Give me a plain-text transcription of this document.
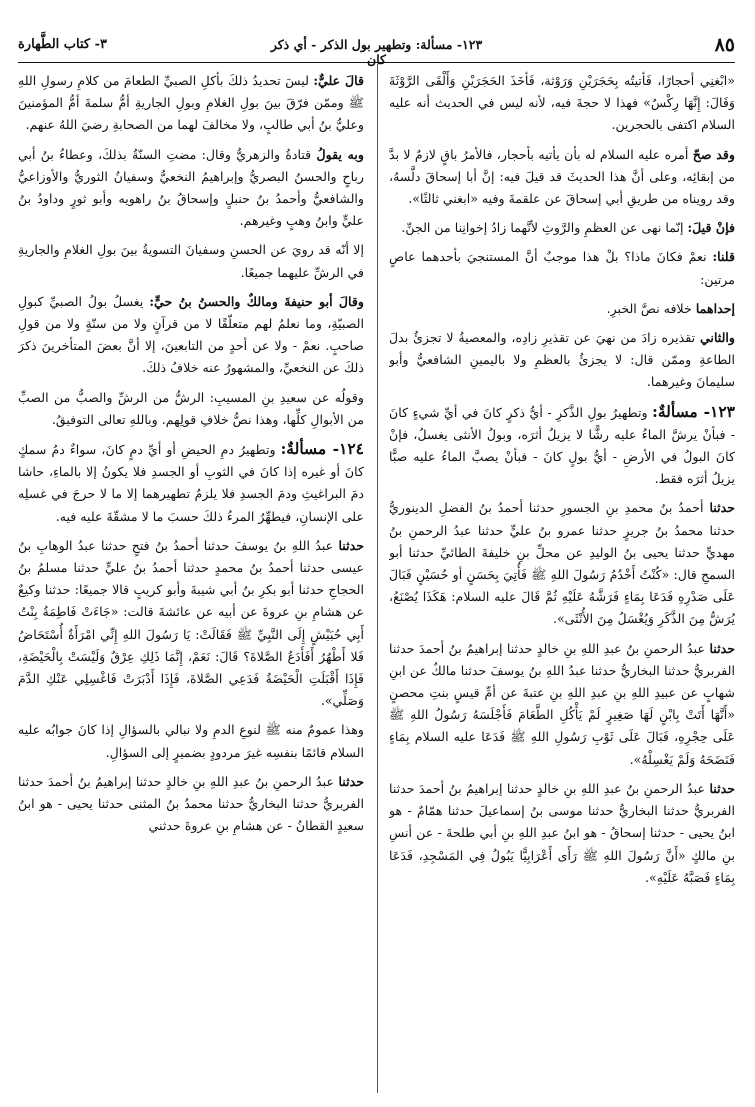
٨٥
١٢٣- مسألة: وتطهير بول الذكر - أي ذكر كان
٣- كتاب الطَّهارة

«ابْغنِي أحجارًا، فَأتيتُه بِحَجَرَيْنِ وَرَوْثة، فَأخَذَ الحَجَرَيْنِ وَأَلْقَى الرَّوْثَةَ وَقَالَ: إِنَّهَا رِكْسٌ» فهذا لا حجةَ فيه، لأنه ليس في الحديث أنه عليه السلام اكتفى بالحجرين.

وقد صحّ أمره عليه السلام له بأن يأتيه بأحجار، فالأمرُ باقٍ لازمٌ لا بدَّ من إبقائِه، وعلى أنَّ هذا الحديثَ قد قيلَ فيه: إنَّ أبا إسحاقَ دلَّسهُ، وقد رويناه من طريقِ أبي إسحاقَ عن علقمةَ وفيه «ابغني ثالثًا».

فإنْ قيلَ: إنّما نهى عن العظمِ والرَّوثِ لأنَّهما زادُ إخوانِنا من الجنِّ.

قلنا: نعمْ فكانَ ماذا؟ بلْ هذا موجبٌ أنَّ المستنجيَ بأحدهما عاصٍ مرتين:

إحداهما خلافه نصَّ الخبرِ.

والثاني تقذيره زادَ من نهيَ عن تقذيرِ زادِه، والمعصيةُ لا تجزئُ بدلَ الطاعةِ وممّن قال: لا يجزئُ بالعظمِ ولا باليمينِ الشافعيُّ وأبو سليمانَ وغيرهما.

١٢٣- مسألةٌ: وتطهيرُ بولِ الذَّكرِ - أيُّ ذكرٍ كانَ في أيِّ شيءٍ كانَ - فبأنْ يرشَّ الماءُ عليه رشًّا لا يزيلُ أثرَه، وبولُ الأنثى يغسلُ، فإنْ كانَ البولُ في الأرضِ - أيُّ بولٍ كانَ - فبأنْ يصبَّ الماءُ عليه صبًّا يزيلُ أثرَه فقط.

حدثنا أحمدُ بنُ محمدِ بنِ الجسورِ حدثنا أحمدُ بنُ الفضلِ الدينوريُّ حدثنا محمدُ بنُ جريرٍ حدثنا عمرو بنُ عليٍّ حدثنا عبدُ الرحمنِ بنُ مهديٍّ حدثنا يحيى بنُ الوليدِ عن محلِّ بنِ خليفةَ الطائيِّ حدثنا أبو السمحِ قال: «كُنْتُ أَخْدُمُ رَسُولَ اللهِ ﷺ فَأُتِيَ بِحَسَنٍ أو حُسَيْنٍ فَبَالَ عَلَى صَدْرِهِ فَدَعَا بِمَاءٍ فَرَشَّهُ عَلَيْهِ ثُمَّ قَالَ عليه السلام: هَكَذَا يُصْنَعُ، يُرَشُّ مِنَ الذَّكَرِ وَيُغْسَلُ مِنَ الأُنْثَى».

حدثنا عبدُ الرحمنِ بنُ عبدِ اللهِ بنِ خالدٍ حدثنا إبراهيمُ بنُ أحمدَ حدثنا الفربريُّ حدثنا البخاريُّ حدثنا عبدُ اللهِ بنُ يوسفَ حدثنا مالكٌ عن ابنِ شهابٍ عن عبيدِ اللهِ بنِ عبدِ اللهِ بنِ عتبةَ عن أمِّ قيسٍ بنتِ محصنٍ «أَنَّهَا أَتَتْ بِابْنٍ لَهَا صَغِيرٍ لَمْ يَأْكُلِ الطَّعَامَ فَأَجْلَسَهُ رَسُولُ اللهِ ﷺ عَلَى حِجْرِهِ، فَبَالَ عَلَى ثَوْبِ رَسُولِ اللهِ ﷺ فَدَعَا عليه السلام بِمَاءٍ فَنَضَحَهُ وَلَمْ يَغْسِلْهُ».

حدثنا عبدُ الرحمنِ بنُ عبدِ اللهِ بنِ خالدٍ حدثنا إبراهيمُ بنُ أحمدَ حدثنا الفربريُّ حدثنا البخاريُّ حدثنا موسى بنُ إسماعيلَ حدثنا همّامٌ - هو ابنُ يحيى - حدثنا إسحاقُ - هو ابنُ عبدِ اللهِ بنِ أبي طلحةَ - عن أنسِ بنِ مالكٍ «أَنَّ رَسُولَ اللهِ ﷺ رَأَى أَعْرَابِيًّا يَبُولُ فِي المَسْجِدِ، فَدَعَا بِمَاءٍ فَصَبَّهُ عَلَيْهِ».

قالَ عليٌّ: ليسَ تحديدُ ذلكَ بأكلِ الصبيِّ الطعامَ من كلامِ رسولِ اللهِ ﷺ وممّن فرّقَ بينَ بولِ الغلامِ وبولِ الجاريةِ أمُّ سلمةَ أمُّ المؤمنينَ وعليُّ بنُ أبي طالبٍ، ولا مخالفَ لهما من الصحابةِ رضيَ اللهُ عنهم.

وبه يقولُ قتادةُ والزهريُّ وقال: مضتِ السنّةُ بذلكَ، وعطاءُ بنُ أبي رباحٍ والحسنُ البصريُّ وإبراهيمُ النخعيُّ وسفيانُ الثوريُّ والأوزاعيُّ والشافعيُّ وأحمدُ بنُ حنبلٍ وإسحاقُ بنُ راهويه وأبو ثورٍ وداودُ بنُ عليٍّ وابنُ وهبٍ وغيرهم.

إلا أنّه قد رويَ عن الحسنِ وسفيانَ التسويةُ بينَ بولِ الغلامِ والجاريةِ في الرشِّ عليهما جميعًا.

وقالَ أبو حنيفةَ ومالكٌ والحسنُ بنُ حيٍّ: يغسلُ بولُ الصبيِّ كبولِ الصبيّةِ، وما نعلمُ لهم متعلّقًا لا من قرآنٍ ولا من سنّةٍ ولا من قولِ صاحبٍ. نعمْ - ولا عن أحدٍ من التابعينَ، إلا أنَّ بعضَ المتأخرينَ ذكرَ ذلكَ عن النخعيِّ، والمشهورُ عنه خلافُ ذلكَ.

وقولُه عن سعيدِ بنِ المسيبِ: الرشُّ من الرشِّ والصبُّ من الصبِّ من الأبوالِ كلِّها، وهذا نصُّ خلافِ قولِهم. وباللهِ تعالى التوفيقُ.

١٢٤- مسألةٌ: وتطهيرُ دمِ الحيضِ أو أيِّ دمٍ كانَ، سواءٌ دمُ سمكٍ كانَ أو غيره إذا كانَ في الثوبِ أو الجسدِ فلا يكونُ إلا بالماءِ، حاشا دمَ البراغيثِ ودمَ الجسدِ فلا يلزمُ تطهيرهما إلا ما لا حرجَ في غسلِه على الإنسانِ، فيطهِّرُ المرءُ ذلكَ حسبَ ما لا مشقّةَ عليه فيه.

حدثنا عبدُ اللهِ بنُ يوسفَ حدثنا أحمدُ بنُ فتحٍ حدثنا عبدُ الوهابِ بنُ عيسى حدثنا أحمدُ بنُ محمدٍ حدثنا أحمدُ بنُ عليٍّ حدثنا مسلمُ بنُ الحجاجِ حدثنا أبو بكرِ بنُ أبي شيبةَ وأبو كريبٍ قالا جميعًا: حدثنا وكيعٌ عن هشامِ بنِ عروةَ عن أبيه عن عائشةَ قالت: «جَاءَتْ فَاطِمَةُ بِنْتُ أَبِي حُبَيْشٍ إِلَى النَّبِيِّ ﷺ فَقَالَتْ: يَا رَسُولَ اللهِ إِنِّي امْرَأَةٌ أُسْتَحَاضُ فَلا أَطْهُرُ أَفَأَدَعُ الصَّلاةَ؟ قَالَ: نَعَمْ، إِنَّمَا ذَلِكِ عِرْقٌ وَلَيْسَتْ بِالْحَيْضَةِ، فَإِذَا أَقْبَلَتِ الْحَيْضَةُ فَدَعِي الصَّلاةَ، فَإِذَا أَدْبَرَتْ فَاغْسِلِي عَنْكِ الدَّمَ وَصَلِّي».

وهذا عمومٌ منه ﷺ لنوعِ الدمِ ولا نبالي بالسؤالِ إذا كانَ جوابُه عليه السلام قائمًا بنفسِه غيرَ مردودٍ بضميرٍ إلى السؤالِ.

حدثنا عبدُ الرحمنِ بنُ عبدِ اللهِ بنِ خالدٍ حدثنا إبراهيمُ بنُ أحمدَ حدثنا الفربريُّ حدثنا البخاريُّ حدثنا محمدُ بنُ المثنى حدثنا يحيى - هو ابنُ سعيدٍ القطانُ - عن هشامِ بنِ عروةَ حدثني
